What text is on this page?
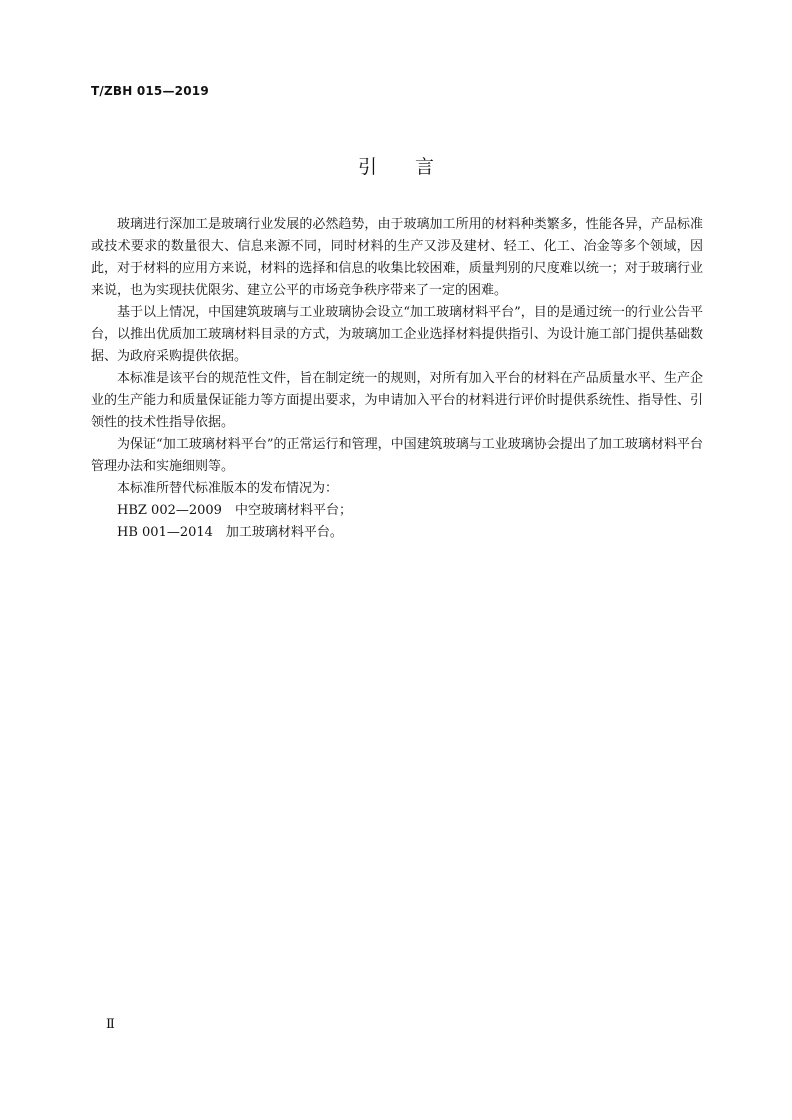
T/ZBH 015—2019
引言

玻璃进行深加工是玻璃行业发展的必然趋势，由于玻璃加工所用的材料种类繁多，性能各异，产品标准或技术要求的数量很大、信息来源不同，同时材料的生产又涉及建材、轻工、化工、冶金等多个领域，因此，对于材料的应用方来说，材料的选择和信息的收集比较困难，质量判别的尺度难以统一；对于玻璃行业来说，也为实现扶优限劣、建立公平的市场竞争秩序带来了一定的困难。

基于以上情况，中国建筑玻璃与工业玻璃协会设立“加工玻璃材料平台”，目的是通过统一的行业公告平台，以推出优质加工玻璃材料目录的方式，为玻璃加工企业选择材料提供指引、为设计施工部门提供基础数据、为政府采购提供依据。

本标准是该平台的规范性文件，旨在制定统一的规则，对所有加入平台的材料在产品质量水平、生产企业的生产能力和质量保证能力等方面提出要求，为申请加入平台的材料进行评价时提供系统性、指导性、引领性的技术性指导依据。

为保证“加工玻璃材料平台”的正常运行和管理，中国建筑玻璃与工业玻璃协会提出了加工玻璃材料平台管理办法和实施细则等。

本标准所替代标准版本的发布情况为：

HBZ 002—2009　中空玻璃材料平台；

HB 001—2014　加工玻璃材料平台。

Ⅱ
